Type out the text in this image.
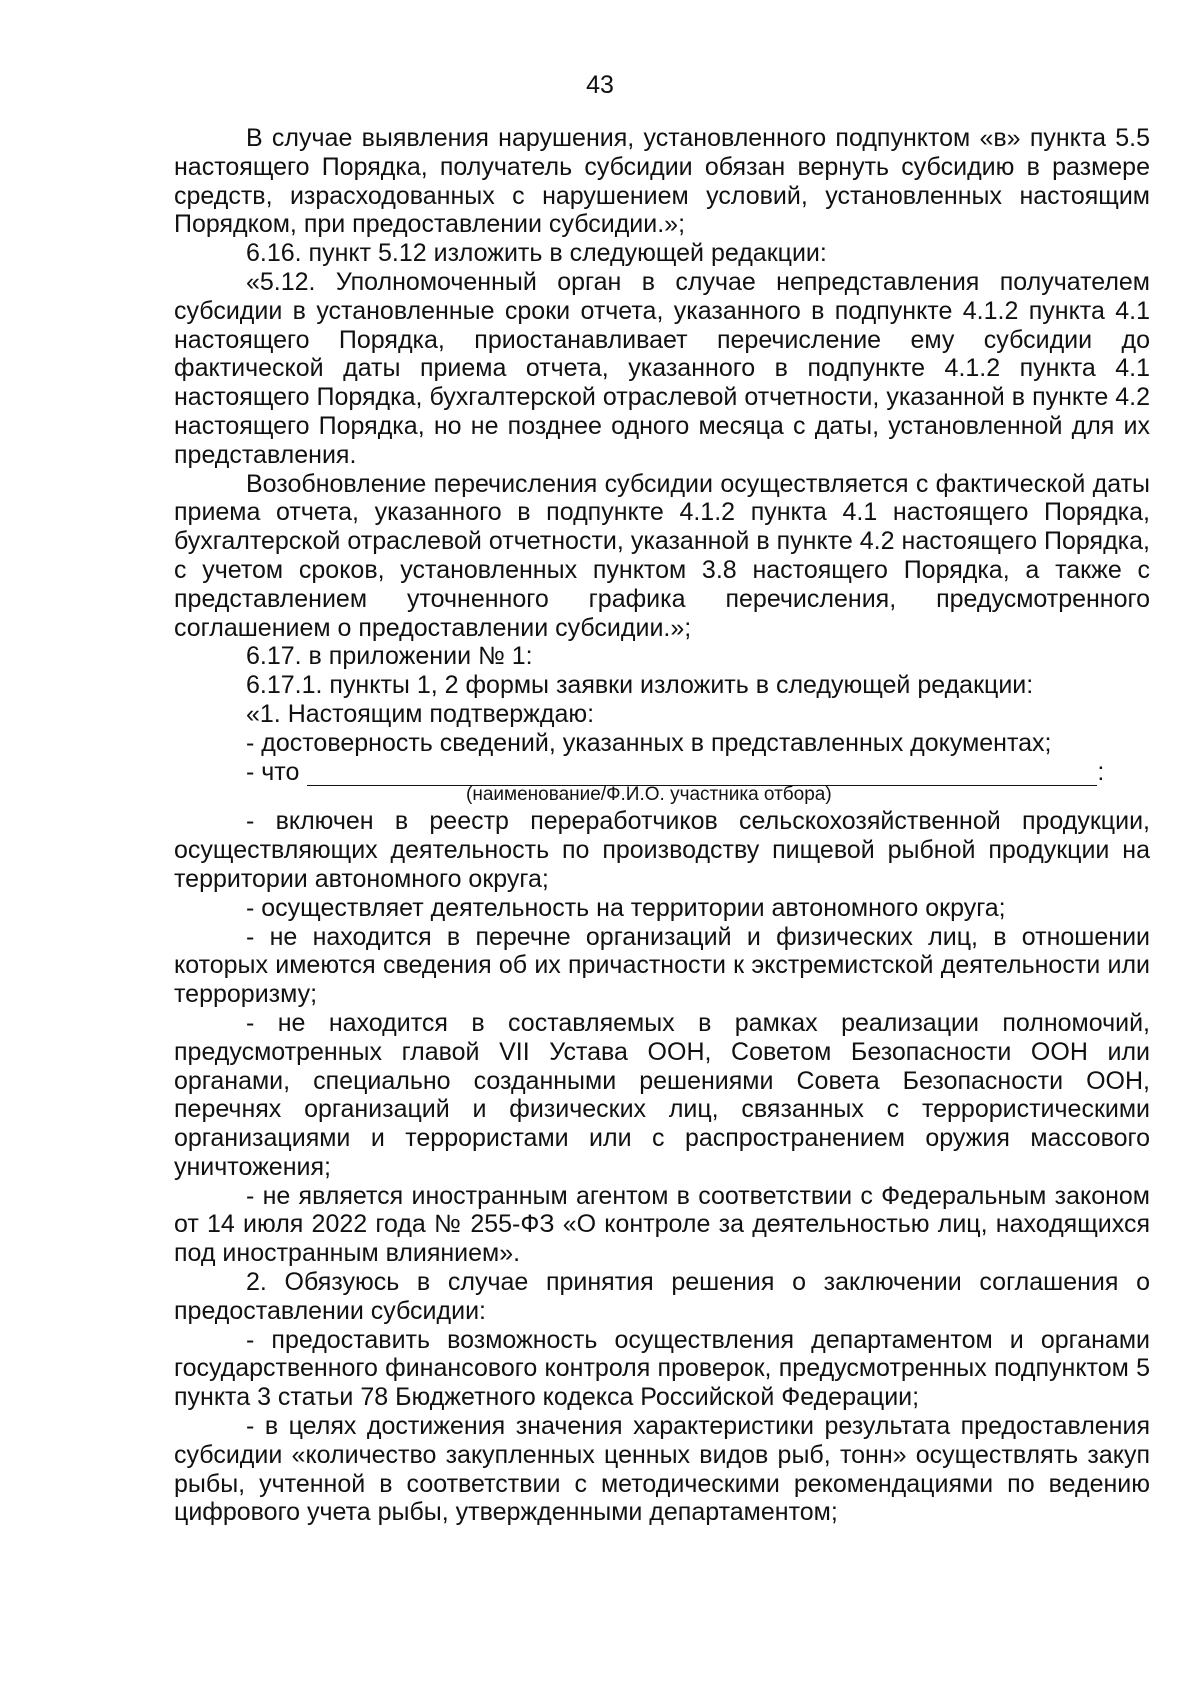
43

В случае выявления нарушения, установленного подпунктом «в» пункта 5.5 настоящего Порядка, получатель субсидии обязан вернуть субсидию в размере средств, израсходованных с нарушением условий, установленных настоящим Порядком, при предоставлении субсидии.»;

6.16. пункт 5.12 изложить в следующей редакции:

«5.12. Уполномоченный орган в случае непредставления получателем субсидии в установленные сроки отчета, указанного в подпункте 4.1.2 пункта 4.1 настоящего Порядка, приостанавливает перечисление ему субсидии до фактической даты приема отчета, указанного в подпункте 4.1.2 пункта 4.1 настоящего Порядка, бухгалтерской отраслевой отчетности, указанной в пункте 4.2 настоящего Порядка, но не позднее одного месяца с даты, установленной для их представления.

Возобновление перечисления субсидии осуществляется с фактической даты приема отчета, указанного в подпункте 4.1.2 пункта 4.1 настоящего Порядка, бухгалтерской отраслевой отчетности, указанной в пункте 4.2 настоящего Порядка, с учетом сроков, установленных пунктом 3.8 настоящего Порядка, а также с представлением уточненного графика перечисления, предусмотренного соглашением о предоставлении субсидии.»;

6.17. в приложении № 1:

6.17.1. пункты 1, 2 формы заявки изложить в следующей редакции:

«1. Настоящим подтверждаю:

- достоверность сведений, указанных в представленных документах;

- что	:
(наименование/Ф.И.О. участника отбора)

- включен в реестр переработчиков сельскохозяйственной продукции, осуществляющих деятельность по производству пищевой рыбной продукции на территории автономного округа;

- осуществляет деятельность на территории автономного округа;

- не находится в перечне организаций и физических лиц, в отношении которых имеются сведения об их причастности к экстремистской деятельности или терроризму;

- не находится в составляемых в рамках реализации полномочий, предусмотренных главой VII Устава ООН, Советом Безопасности ООН или органами, специально созданными решениями Совета Безопасности ООН, перечнях организаций и физических лиц, связанных с террористическими организациями и террористами или с распространением оружия массового уничтожения;

- не является иностранным агентом в соответствии с Федеральным законом от 14 июля 2022 года № 255-ФЗ «О контроле за деятельностью лиц, находящихся под иностранным влиянием».

2. Обязуюсь в случае принятия решения о заключении соглашения о предоставлении субсидии:

- предоставить возможность осуществления департаментом и органами государственного финансового контроля проверок, предусмотренных подпунктом 5 пункта 3 статьи 78 Бюджетного кодекса Российской Федерации;

- в целях достижения значения характеристики результата предоставления субсидии «количество закупленных ценных видов рыб, тонн» осуществлять закуп рыбы, учтенной в соответствии с методическими рекомендациями по ведению цифрового учета рыбы, утвержденными департаментом;
